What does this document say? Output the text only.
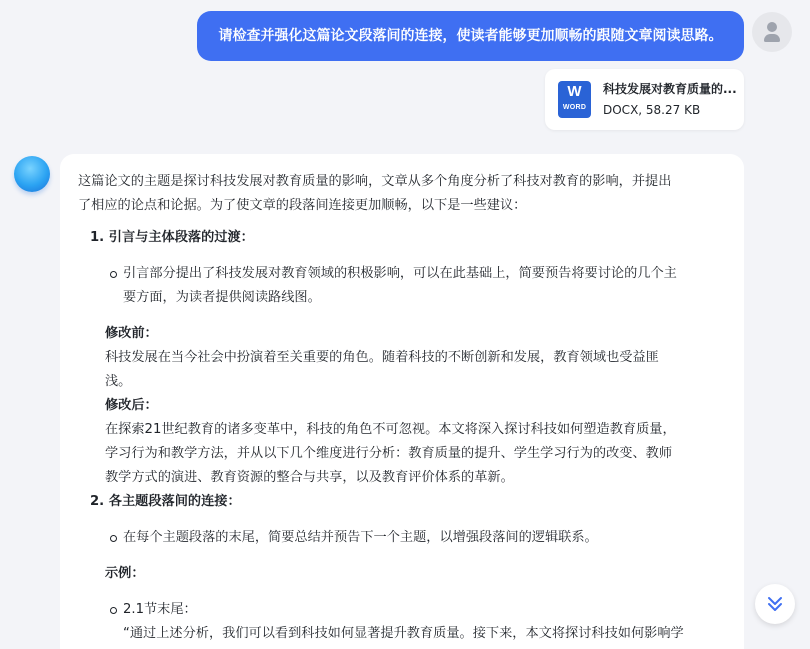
请检查并强化这篇论文段落间的连接，使读者能够更加顺畅的跟随文章阅读思路。
W
WORD
科技发展对教育质量的...
DOCX, 58.27 KB

这篇论文的主题是探讨科技发展对教育质量的影响，文章从多个角度分析了科技对教育的影响，并提出

了相应的论点和论据。为了使文章的段落间连接更加顺畅，以下是一些建议：

1. 引言与主体段落的过渡：

引言部分提出了科技发展对教育领域的积极影响，可以在此基础上，简要预告将要讨论的几个主

要方面，为读者提供阅读路线图。

修改前：

科技发展在当今社会中扮演着至关重要的角色。随着科技的不断创新和发展，教育领域也受益匪

浅。

修改后：

在探索21世纪教育的诸多变革中，科技的角色不可忽视。本文将深入探讨科技如何塑造教育质量，

学习行为和教学方法，并从以下几个维度进行分析：教育质量的提升、学生学习行为的改变、教师

教学方式的演进、教育资源的整合与共享，以及教育评价体系的革新。

2. 各主题段落间的连接：

在每个主题段落的末尾，简要总结并预告下一个主题，以增强段落间的逻辑联系。

示例：

2.1节末尾：

“通过上述分析，我们可以看到科技如何显著提升教育质量。接下来，本文将探讨科技如何影响学
